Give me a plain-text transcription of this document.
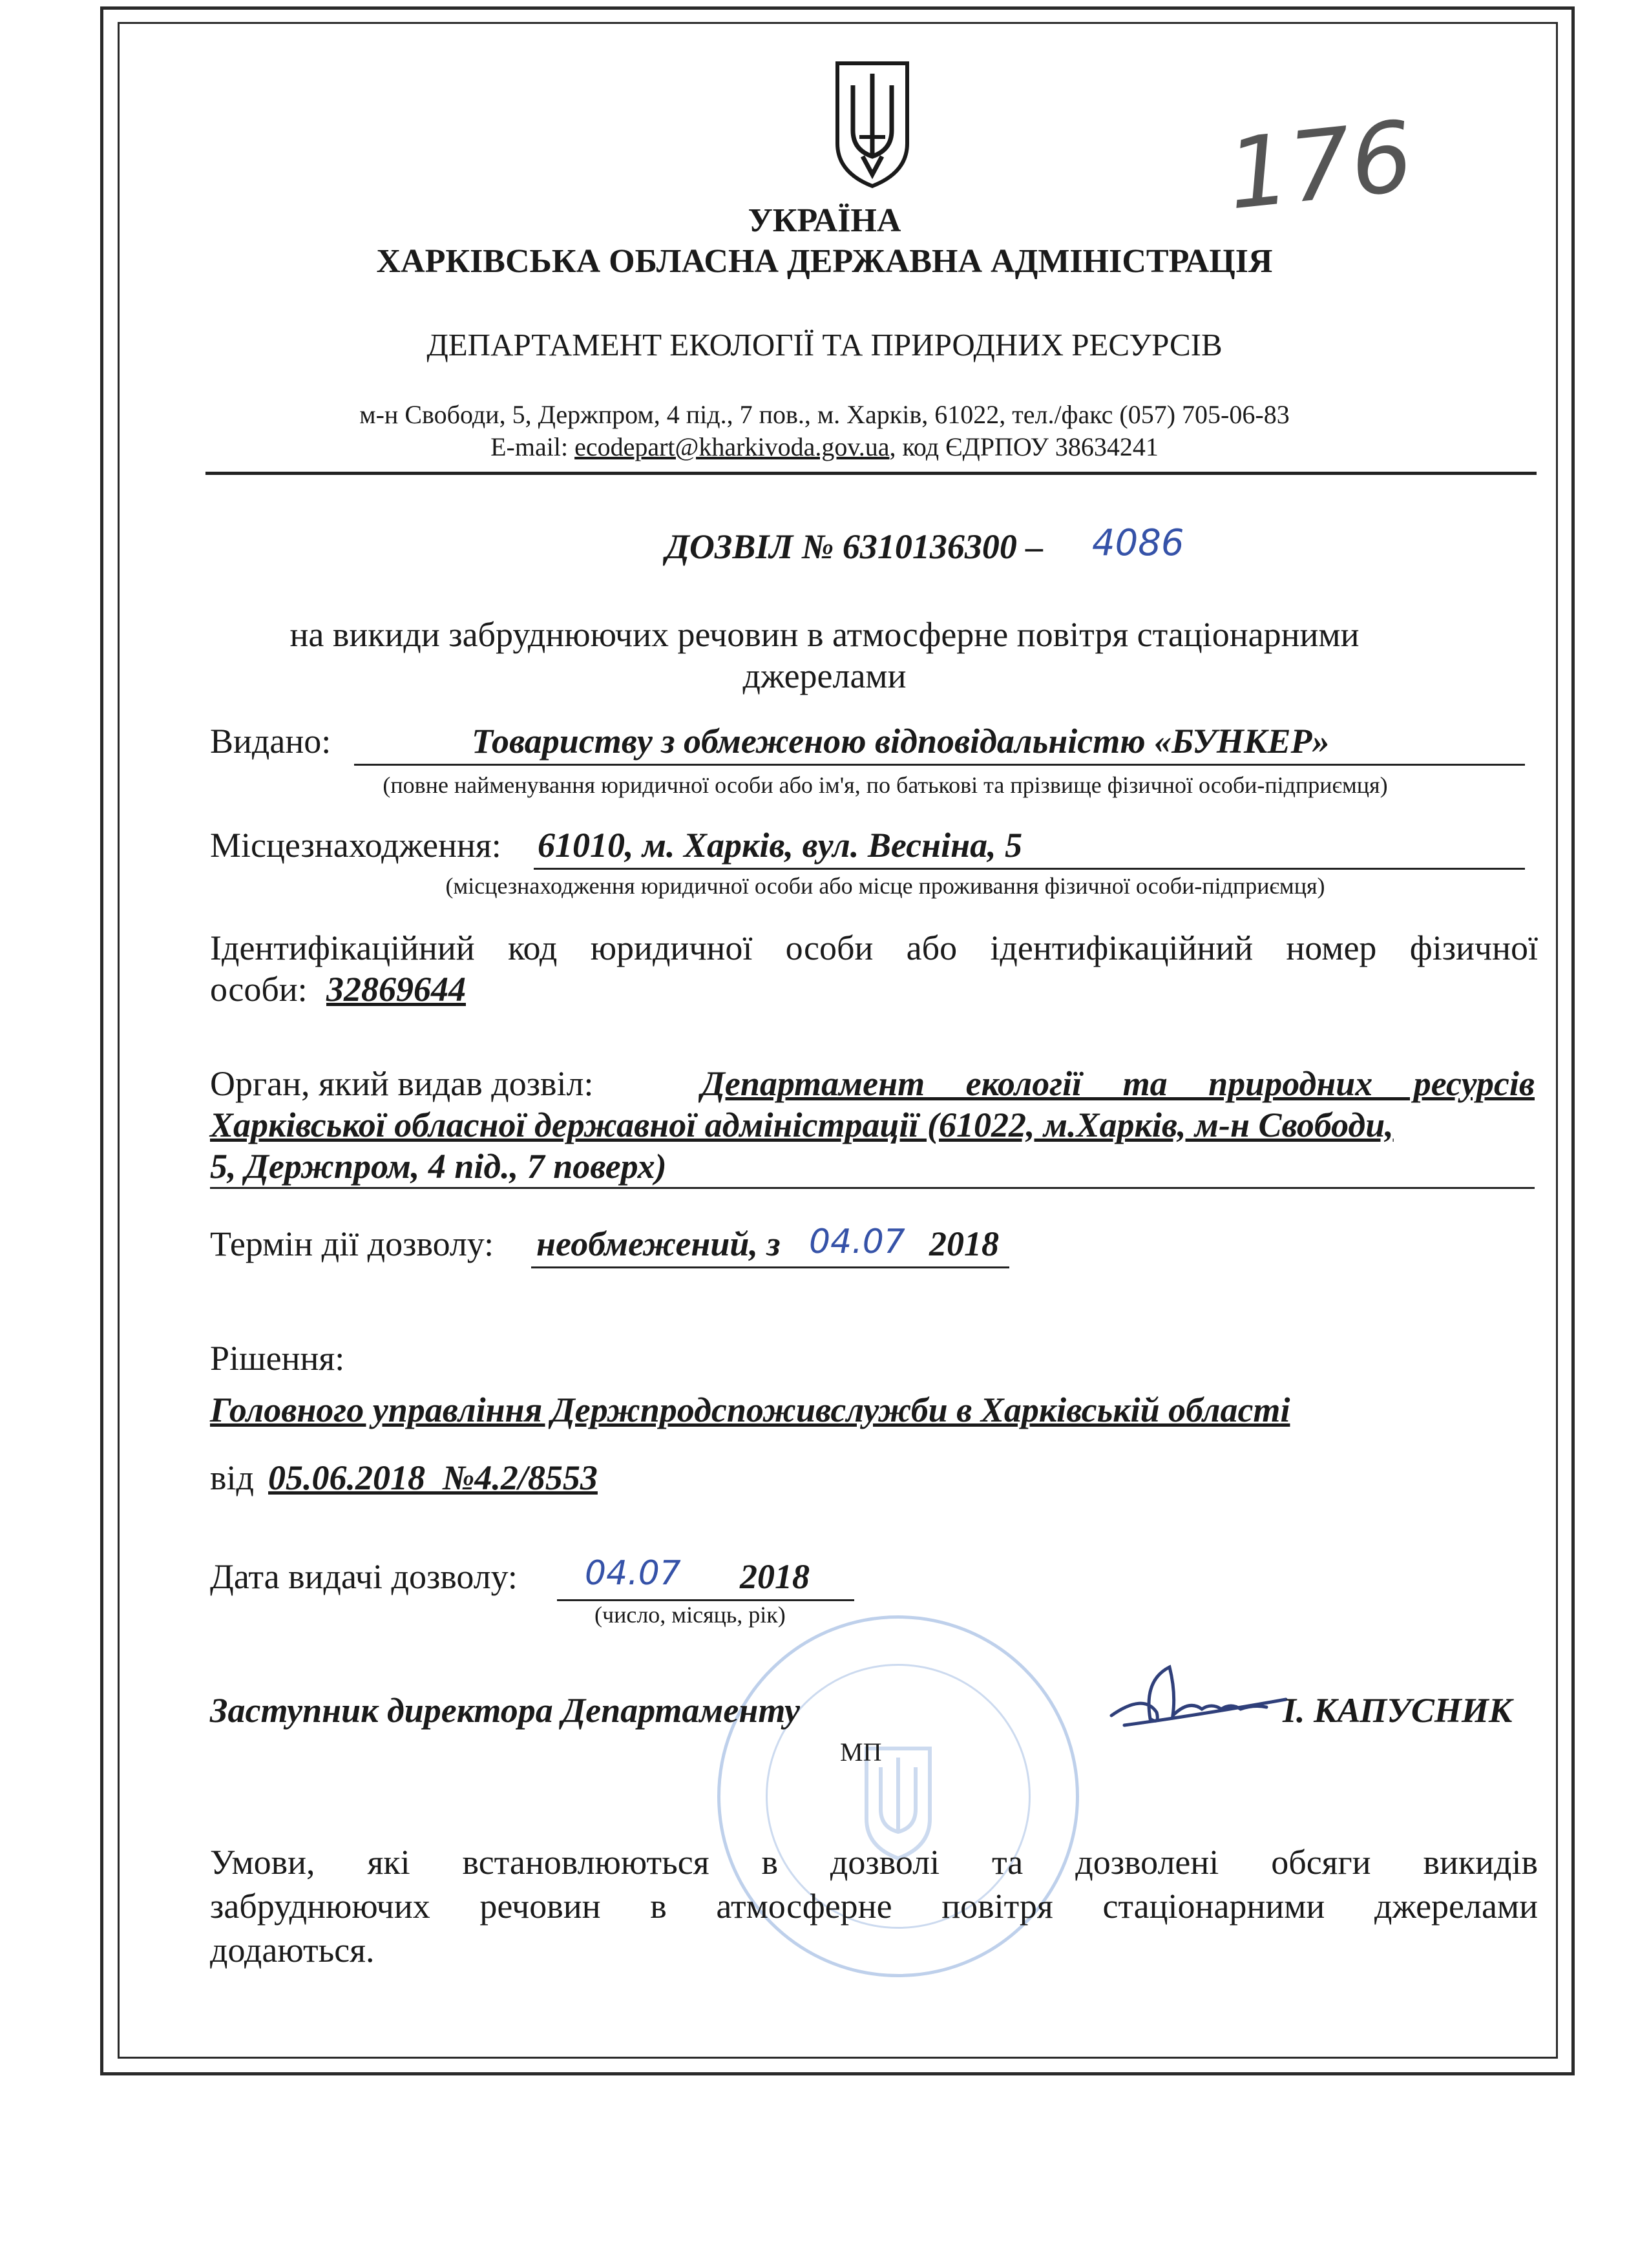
176
УКРАЇНА
ХАРКІВСЬКА ОБЛАСНА ДЕРЖАВНА АДМІНІСТРАЦІЯ
ДЕПАРТАМЕНТ ЕКОЛОГІЇ ТА ПРИРОДНИХ РЕСУРСІВ
м-н Свободи, 5, Держпром, 4 під., 7 пов., м. Харків, 61022, тел./факс (057) 705-06-83
E-mail: ecodepart@kharkivoda.gov.ua, код ЄДРПОУ 38634241
ДОЗВІЛ № 6310136300 – 4086
на викиди забруднюючих речовин в атмосферне повітря стаціонарними
джерелами
Видано:	Товариству з обмеженою відповідальністю «БУНКЕР»
(повне найменування юридичної особи або ім'я, по батькові та прізвище фізичної особи-підприємця)
Місцезнаходження: 61010, м. Харків, вул. Весніна, 5
(місцезнаходження юридичної особи або місце проживання фізичної особи-підприємця)
Ідентифікаційний код юридичної особи або ідентифікаційний номер фізичної
особи: 32869644
Орган, який видав дозвіл:	Департамент екології та природних ресурсів
Харківської обласної державної адміністрації (61022, м.Харків, м-н Свободи,
5, Держпром, 4 під., 7 поверх)
Термін дії дозволу: необмежений, з 04.07 2018
Рішення:
Головного управління Держпродспоживслужби в Харківській області
від 05.06.2018  №4.2/8553
Дата видачі дозволу: 04.07 2018
(число, місяць, рік)
Заступник директора Департаменту
МП
І. КАПУСНИК
Умови, які встановлюються в дозволі та дозволені обсяги викидів
забруднюючих речовин в атмосферне повітря стаціонарними джерелами
додаються.
